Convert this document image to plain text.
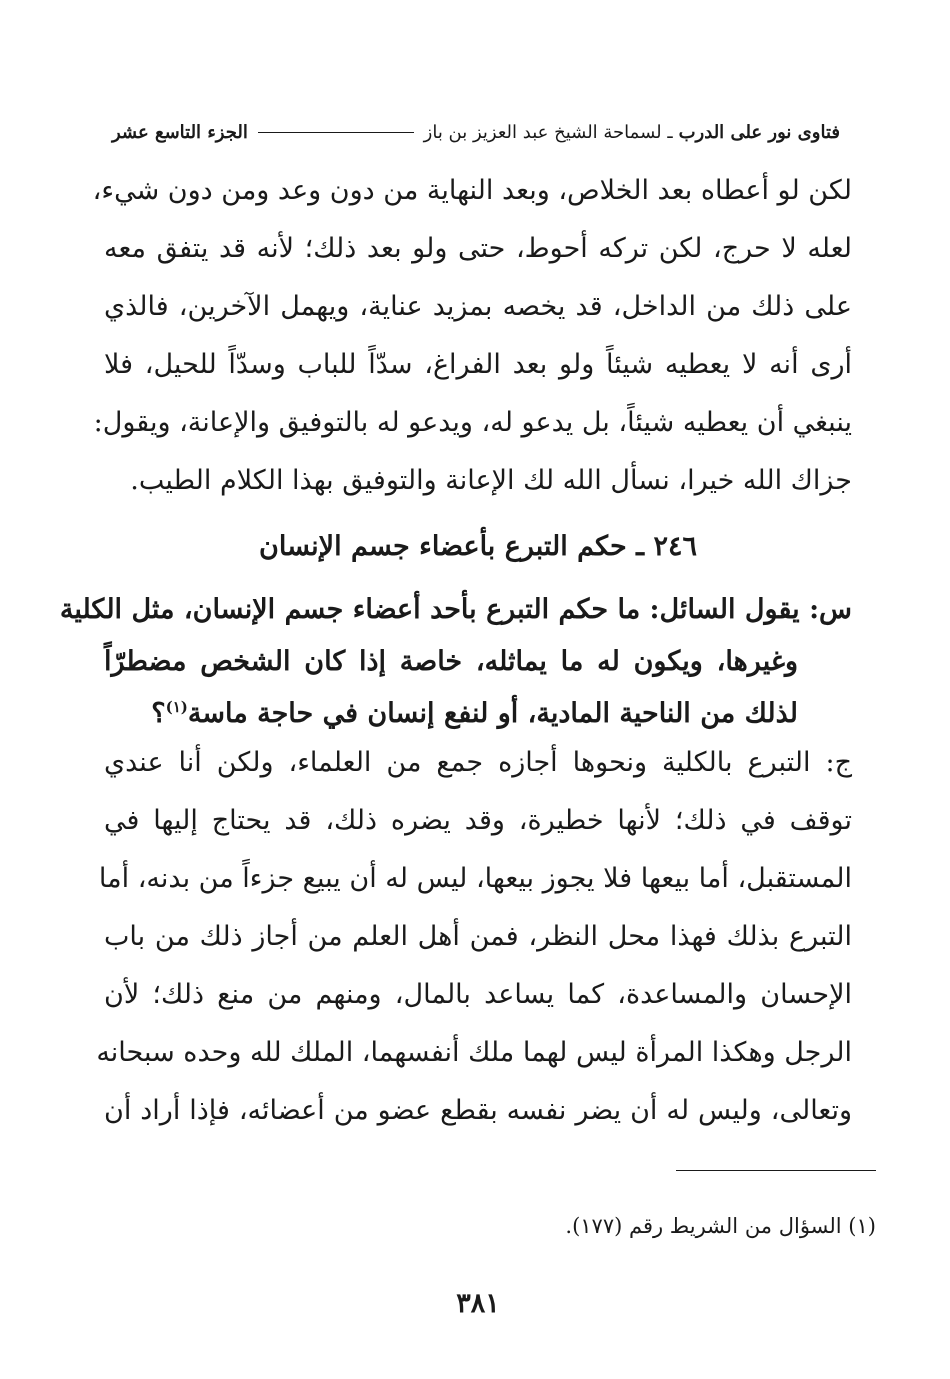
فتاوى نور على الدرب
ـ لسماحة الشيخ عبد العزيز بن باز
الجزء التاسع عشر
لكن لو أعطاه بعد الخلاص، وبعد النهاية من دون وعد ومن دون شيء،
لعله لا حرج، لكن تركه أحوط، حتى ولو بعد ذلك؛ لأنه قد يتفق معه
على ذلك من الداخل، قد يخصه بمزيد عناية، ويهمل الآخرين، فالذي
أرى أنه لا يعطيه شيئاً ولو بعد الفراغ، سدّاً للباب وسدّاً للحيل، فلا
ينبغي أن يعطيه شيئاً، بل يدعو له، ويدعو له بالتوفيق والإعانة، ويقول:
جزاك الله خيرا، نسأل الله لك الإعانة والتوفيق بهذا الكلام الطيب.
٢٤٦ ـ حكم التبرع بأعضاء جسم الإنسان
س: يقول السائل: ما حكم التبرع بأحد أعضاء جسم الإنسان، مثل الكلية
وغيرها، ويكون له ما يماثله، خاصة إذا كان الشخص مضطرّاً
لذلك من الناحية المادية، أو لنفع إنسان في حاجة ماسة$^{(١)}$؟
ج: التبرع بالكلية ونحوها أجازه جمع من العلماء، ولكن أنا عندي
توقف في ذلك؛ لأنها خطيرة، وقد يضره ذلك، قد يحتاج إليها في
المستقبل، أما بيعها فلا يجوز بيعها، ليس له أن يبيع جزءاً من بدنه، أما
التبرع بذلك فهذا محل النظر، فمن أهل العلم من أجاز ذلك من باب
الإحسان والمساعدة، كما يساعد بالمال، ومنهم من منع ذلك؛ لأن
الرجل وهكذا المرأة ليس لهما ملك أنفسهما، الملك لله وحده سبحانه
وتعالى، وليس له أن يضر نفسه بقطع عضو من أعضائه، فإذا أراد أن
(١) السؤال من الشريط رقم (١٧٧).
٣٨١
